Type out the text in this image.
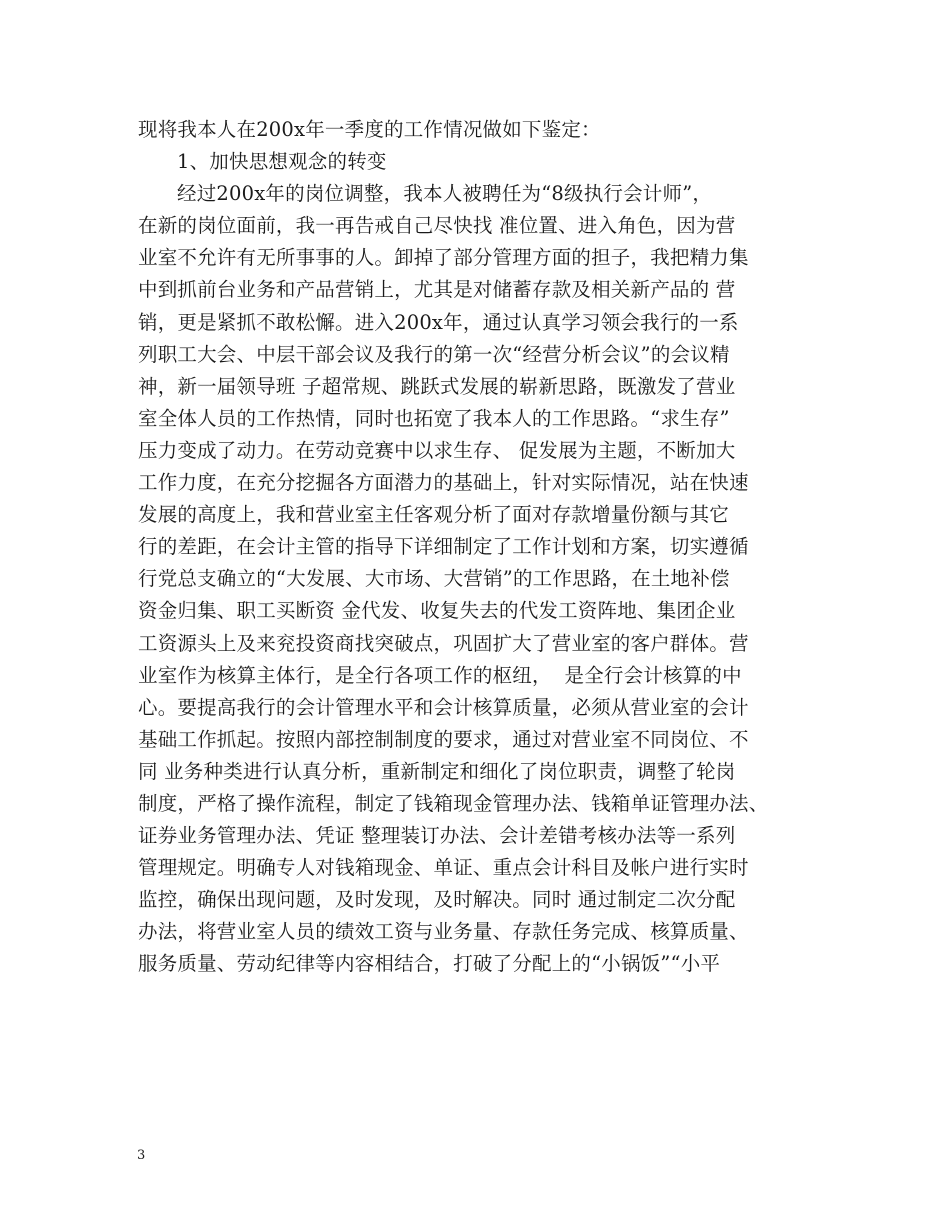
现将我本人在200x年一季度的工作情况做如下鉴定：
1、加快思想观念的转变
经过200x年的岗位调整，我本人被聘任为“8级执行会计师”，
在新的岗位面前，我一再告戒自己尽快找 准位置、进入角色，因为营
业室不允许有无所事事的人。卸掉了部分管理方面的担子，我把精力集
中到抓前台业务和产品营销上，尤其是对储蓄存款及相关新产品的 营
销，更是紧抓不敢松懈。进入200x年，通过认真学习领会我行的一系
列职工大会、中层干部会议及我行的第一次“经营分析会议”的会议精
神，新一届领导班 子超常规、跳跃式发展的崭新思路，既激发了营业
室全体人员的工作热情，同时也拓宽了我本人的工作思路。“求生存”
压力变成了动力。在劳动竞赛中以求生存、 促发展为主题，不断加大
工作力度，在充分挖掘各方面潜力的基础上，针对实际情况，站在快速
发展的高度上，我和营业室主任客观分析了面对存款增量份额与其它
行的差距，在会计主管的指导下详细制定了工作计划和方案，切实遵循
行党总支确立的“大发展、大市场、大营销”的工作思路，在土地补偿
资金归集、职工买断资 金代发、收复失去的代发工资阵地、集团企业
工资源头上及来兖投资商找突破点，巩固扩大了营业室的客户群体。营
业室作为核算主体行，是全行各项工作的枢纽，  是全行会计核算的中
心。要提高我行的会计管理水平和会计核算质量，必须从营业室的会计
基础工作抓起。按照内部控制制度的要求，通过对营业室不同岗位、不
同 业务种类进行认真分析，重新制定和细化了岗位职责，调整了轮岗
制度，严格了操作流程，制定了钱箱现金管理办法、钱箱单证管理办法、
证券业务管理办法、凭证 整理装订办法、会计差错考核办法等一系列
管理规定。明确专人对钱箱现金、单证、重点会计科目及帐户进行实时
监控，确保出现问题，及时发现，及时解决。同时 通过制定二次分配
办法，将营业室人员的绩效工资与业务量、存款任务完成、核算质量、
服务质量、劳动纪律等内容相结合，打破了分配上的“小锅饭”“小平
3
